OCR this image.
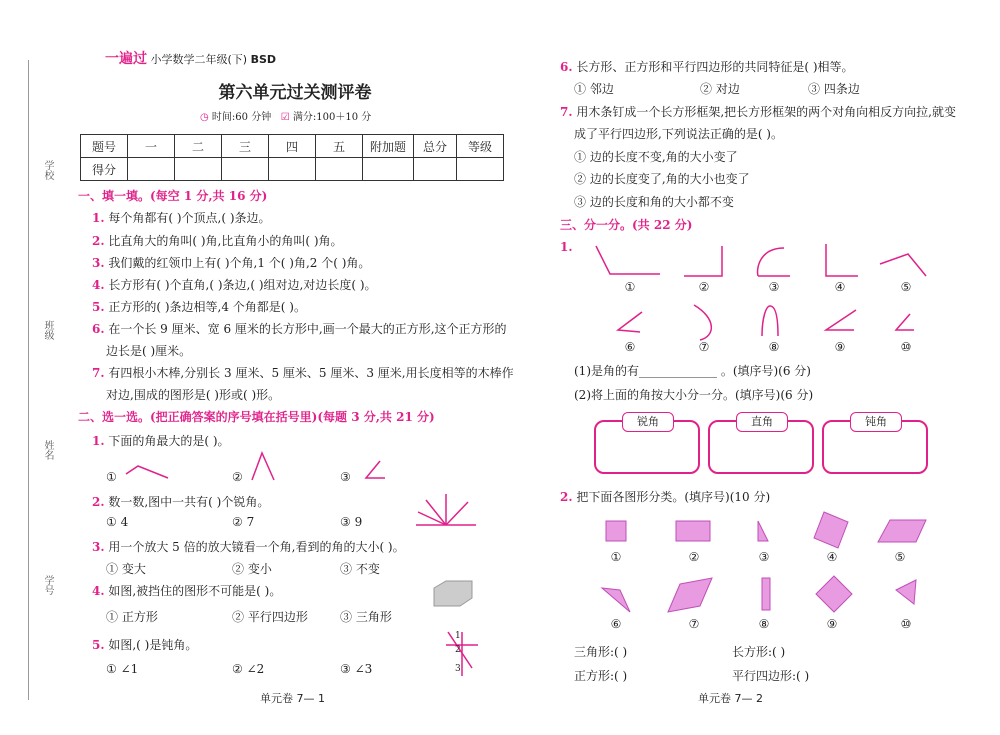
学校
班级
姓名
学号
一遍过 小学数学二年级(下) BSD
第六单元过关测评卷
◷ 时间:60 分钟 ☑ 满分:100＋10 分
题号	一	二	三	四	五	附加题	总分	等级
得分								
一、填一填。(每空 1 分,共 16 分)
1. 每个角都有( )个顶点,( )条边。
2. 比直角大的角叫( )角,比直角小的角叫( )角。
3. 我们戴的红领巾上有( )个角,1 个( )角,2 个( )角。
4. 长方形有( )个直角,( )条边,( )组对边,对边长度( )。
5. 正方形的( )条边相等,4 个角都是( )。
6. 在一个长 9 厘米、宽 6 厘米的长方形中,画一个最大的正方形,这个正方形的
边长是( )厘米。
7. 有四根小木棒,分别长 3 厘米、5 厘米、5 厘米、3 厘米,用长度相等的木棒作
对边,围成的图形是( )形或( )形。
二、选一选。(把正确答案的序号填在括号里)(每题 3 分,共 21 分)
1. 下面的角最大的是( )。
①	②	③
2. 数一数,图中一共有( )个锐角。
① 4	② 7	③ 9
3. 用一个放大 5 倍的放大镜看一个角,看到的角的大小( )。
① 变大	② 变小	③ 不变
4. 如图,被挡住的图形不可能是( )。
① 正方形	② 平行四边形	③ 三角形
5. 如图,( )是钝角。
① ∠1	② ∠2	③ ∠3
1
2
3
单元卷 7— 1
6. 长方形、正方形和平行四边形的共同特征是( )相等。
① 邻边	② 对边	③ 四条边
7. 用木条钉成一个长方形框架,把长方形框架的两个对角向相反方向拉,就变
成了平行四边形,下列说法正确的是( )。
① 边的长度不变,角的大小变了
② 边的长度变了,角的大小也变了
③ 边的长度和角的大小都不变
三、分一分。(共 22 分)
1.
①	②	③	④	⑤
⑥	⑦	⑧	⑨	⑩
(1)是角的有_____________ 。(填序号)(6 分)
(2)将上面的角按大小分一分。(填序号)(6 分)
锐角	直角	钝角
2. 把下面各图形分类。(填序号)(10 分)
①	②	③	④	⑤
⑥	⑦	⑧	⑨	⑩
三角形:( )	长方形:( )
正方形:( )	平行四边形:( )
单元卷 7— 2
